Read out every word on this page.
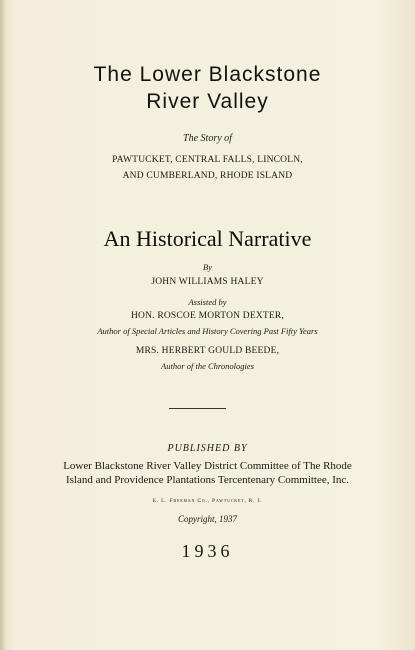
The Lower Blackstone
River Valley
The Story of
PAWTUCKET, CENTRAL FALLS, LINCOLN,
AND CUMBERLAND, RHODE ISLAND
An Historical Narrative
By
JOHN WILLIAMS HALEY
Assisted by
HON. ROSCOE MORTON DEXTER,
Author of Special Articles and History Covering Past Fifty Years
MRS. HERBERT GOULD BEEDE,
Author of the Chronologies
PUBLISHED BY
Lower Blackstone River Valley District Committee of The Rhode
Island and Providence Plantations Tercentenary Committee, Inc.
E. L. Freeman Co., Pawtucket, R. I.
Copyright, 1937
1936
